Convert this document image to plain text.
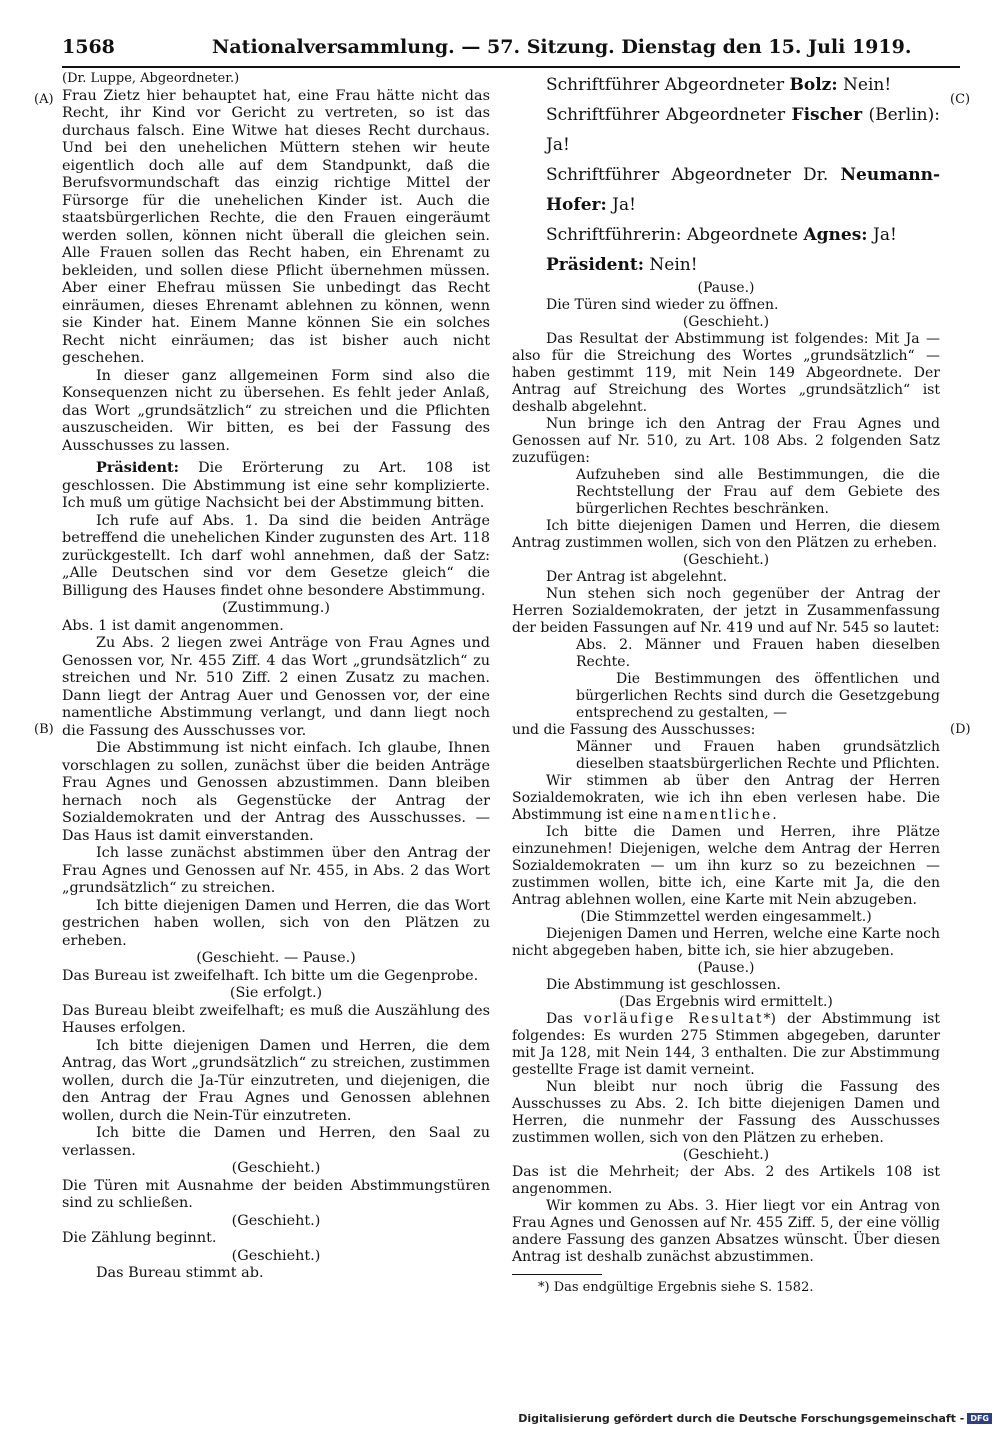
1568	Nationalversammlung. — 57. Sitzung. Dienstag den 15. Juli 1919.
(A)
(B)
(C)
(D)

(Dr. Luppe, Abgeordneter.)

Frau Zietz hier behauptet hat, eine Frau hätte nicht das Recht, ihr Kind vor Gericht zu vertreten, so ist das durchaus falsch. Eine Witwe hat dieses Recht durchaus. Und bei den unehelichen Müttern stehen wir heute eigentlich doch alle auf dem Standpunkt, daß die Berufsvormundschaft das einzig richtige Mittel der Fürsorge für die unehelichen Kinder ist. Auch die staatsbürgerlichen Rechte, die den Frauen eingeräumt werden sollen, können nicht überall die gleichen sein. Alle Frauen sollen das Recht haben, ein Ehrenamt zu bekleiden, und sollen diese Pflicht übernehmen müssen. Aber einer Ehefrau müssen Sie unbedingt das Recht einräumen, dieses Ehrenamt ablehnen zu können, wenn sie Kinder hat. Einem Manne können Sie ein solches Recht nicht einräumen; das ist bisher auch nicht geschehen.

In dieser ganz allgemeinen Form sind also die Konsequenzen nicht zu übersehen. Es fehlt jeder Anlaß, das Wort „grundsätzlich“ zu streichen und die Pflichten auszuscheiden. Wir bitten, es bei der Fassung des Ausschusses zu lassen.

Präsident: Die Erörterung zu Art. 108 ist geschlossen. Die Abstimmung ist eine sehr komplizierte. Ich muß um gütige Nachsicht bei der Abstimmung bitten.

Ich rufe auf Abs. 1. Da sind die beiden Anträge betreffend die unehelichen Kinder zugunsten des Art. 118 zurückgestellt. Ich darf wohl annehmen, daß der Satz: „Alle Deutschen sind vor dem Gesetze gleich“ die Billigung des Hauses findet ohne besondere Abstimmung.

(Zustimmung.)

Abs. 1 ist damit angenommen.

Zu Abs. 2 liegen zwei Anträge von Frau Agnes und Genossen vor, Nr. 455 Ziff. 4 das Wort „grundsätzlich“ zu streichen und Nr. 510 Ziff. 2 einen Zusatz zu machen. Dann liegt der Antrag Auer und Genossen vor, der eine namentliche Abstimmung verlangt, und dann liegt noch die Fassung des Ausschusses vor.

Die Abstimmung ist nicht einfach. Ich glaube, Ihnen vorschlagen zu sollen, zunächst über die beiden Anträge Frau Agnes und Genossen abzustimmen. Dann bleiben hernach noch als Gegenstücke der Antrag der Sozialdemokraten und der Antrag des Ausschusses. — Das Haus ist damit einverstanden.

Ich lasse zunächst abstimmen über den Antrag der Frau Agnes und Genossen auf Nr. 455, in Abs. 2 das Wort „grundsätzlich“ zu streichen.

Ich bitte diejenigen Damen und Herren, die das Wort gestrichen haben wollen, sich von den Plätzen zu erheben.

(Geschieht. — Pause.)

Das Bureau ist zweifelhaft. Ich bitte um die Gegenprobe.

(Sie erfolgt.)

Das Bureau bleibt zweifelhaft; es muß die Auszählung des Hauses erfolgen.

Ich bitte diejenigen Damen und Herren, die dem Antrag, das Wort „grundsätzlich“ zu streichen, zustimmen wollen, durch die Ja-Tür einzutreten, und diejenigen, die den Antrag der Frau Agnes und Genossen ablehnen wollen, durch die Nein-Tür einzutreten.

Ich bitte die Damen und Herren, den Saal zu verlassen.

(Geschieht.)

Die Türen mit Ausnahme der beiden Abstimmungstüren sind zu schließen.

(Geschieht.)

Die Zählung beginnt.

(Geschieht.)

Das Bureau stimmt ab.

Schriftführer Abgeordneter Bolz: Nein!

Schriftführer Abgeordneter Fischer (Berlin): Ja!

Schriftführer Abgeordneter Dr. Neumann-Hofer: Ja!

Schriftführerin: Abgeordnete Agnes: Ja!

Präsident: Nein!

(Pause.)

Die Türen sind wieder zu öffnen.

(Geschieht.)

Das Resultat der Abstimmung ist folgendes: Mit Ja — also für die Streichung des Wortes „grundsätzlich“ — haben gestimmt 119, mit Nein 149 Abgeordnete. Der Antrag auf Streichung des Wortes „grundsätzlich“ ist deshalb abgelehnt.

Nun bringe ich den Antrag der Frau Agnes und Genossen auf Nr. 510, zu Art. 108 Abs. 2 folgenden Satz zuzufügen:

Aufzuheben sind alle Bestimmungen, die die Rechtstellung der Frau auf dem Gebiete des bürgerlichen Rechtes beschränken.

Ich bitte diejenigen Damen und Herren, die diesem Antrag zustimmen wollen, sich von den Plätzen zu erheben.

(Geschieht.)

Der Antrag ist abgelehnt.

Nun stehen sich noch gegenüber der Antrag der Herren Sozialdemokraten, der jetzt in Zusammenfassung der beiden Fassungen auf Nr. 419 und auf Nr. 545 so lautet:

Abs. 2. Männer und Frauen haben dieselben Rechte.

Die Bestimmungen des öffentlichen und bürgerlichen Rechts sind durch die Gesetzgebung entsprechend zu gestalten, —

und die Fassung des Ausschusses:

Männer und Frauen haben grundsätzlich dieselben staatsbürgerlichen Rechte und Pflichten.

Wir stimmen ab über den Antrag der Herren Sozialdemokraten, wie ich ihn eben verlesen habe. Die Abstimmung ist eine namentliche.

Ich bitte die Damen und Herren, ihre Plätze einzunehmen! Diejenigen, welche dem Antrag der Herren Sozialdemokraten — um ihn kurz so zu bezeichnen — zustimmen wollen, bitte ich, eine Karte mit Ja, die den Antrag ablehnen wollen, eine Karte mit Nein abzugeben.

(Die Stimmzettel werden eingesammelt.)

Diejenigen Damen und Herren, welche eine Karte noch nicht abgegeben haben, bitte ich, sie hier abzugeben.

(Pause.)

Die Abstimmung ist geschlossen.

(Das Ergebnis wird ermittelt.)

Das vorläufige Resultat*) der Abstimmung ist folgendes: Es wurden 275 Stimmen abgegeben, darunter mit Ja 128, mit Nein 144, 3 enthalten. Die zur Abstimmung gestellte Frage ist damit verneint.

Nun bleibt nur noch übrig die Fassung des Ausschusses zu Abs. 2. Ich bitte diejenigen Damen und Herren, die nunmehr der Fassung des Ausschusses zustimmen wollen, sich von den Plätzen zu erheben.

(Geschieht.)

Das ist die Mehrheit; der Abs. 2 des Artikels 108 ist angenommen.

Wir kommen zu Abs. 3. Hier liegt vor ein Antrag von Frau Agnes und Genossen auf Nr. 455 Ziff. 5, der eine völlig andere Fassung des ganzen Absatzes wünscht. Über diesen Antrag ist deshalb zunächst abzustimmen.

*) Das endgültige Ergebnis siehe S. 1582.

Digitalisierung gefördert durch die Deutsche Forschungsgemeinschaft - DFG
